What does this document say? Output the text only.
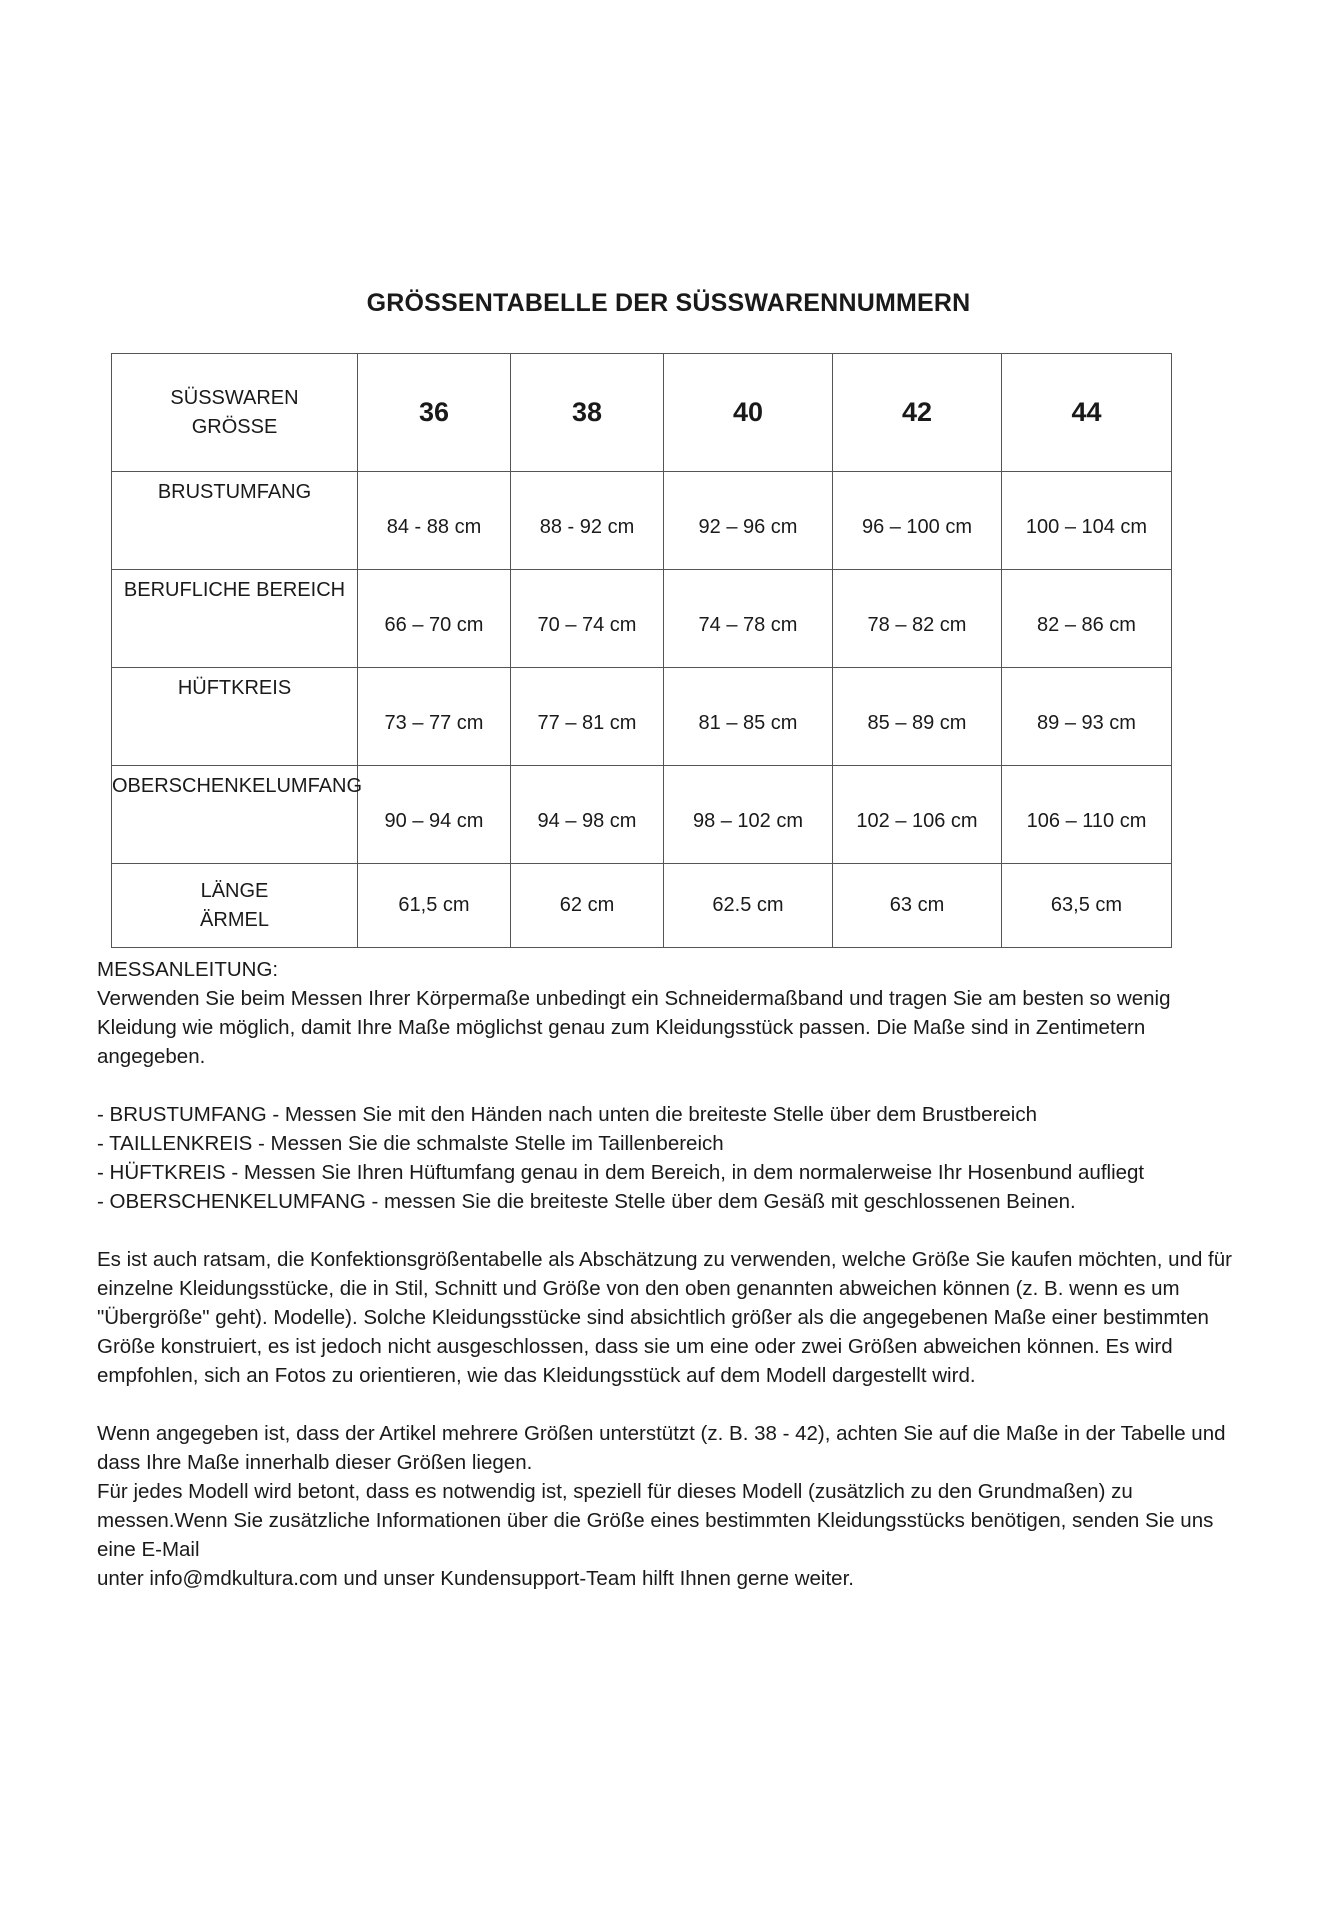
GRÖSSENTABELLE DER SÜSSWARENNUMMERN
SÜSSWAREN
GRÖSSE	36	38	40	42	44

BRUSTUMFANG	84 - 88 cm	88 - 92 cm	92 – 96 cm	96 – 100 cm	100 – 104 cm

BERUFLICHE BEREICH	66 – 70 cm	70 – 74 cm	74 – 78 cm	78 – 82 cm	82 – 86 cm

HÜFTKREIS	73 – 77 cm	77 – 81 cm	81 – 85 cm	85 – 89 cm	89 – 93 cm

OBERSCHENKELUMFANG	90 – 94 cm	94 – 98 cm	98 – 102 cm	102 – 106 cm	106 – 110 cm

LÄNGE
ÄRMEL	61,5 cm	62 cm	62.5 cm	63 cm	63,5 cm

MESSANLEITUNG:

Verwenden Sie beim Messen Ihrer Körpermaße unbedingt ein Schneidermaßband und tragen Sie am besten so wenig Kleidung wie möglich, damit Ihre Maße möglichst genau zum Kleidungsstück passen. Die Maße sind in Zentimetern angegeben.

- BRUSTUMFANG - Messen Sie mit den Händen nach unten die breiteste Stelle über dem Brustbereich

- TAILLENKREIS - Messen Sie die schmalste Stelle im Taillenbereich

- HÜFTKREIS - Messen Sie Ihren Hüftumfang genau in dem Bereich, in dem normalerweise Ihr Hosenbund aufliegt

- OBERSCHENKELUMFANG - messen Sie die breiteste Stelle über dem Gesäß mit geschlossenen Beinen.

Es ist auch ratsam, die Konfektionsgrößentabelle als Abschätzung zu verwenden, welche Größe Sie kaufen möchten, und für einzelne Kleidungsstücke, die in Stil, Schnitt und Größe von den oben genannten abweichen können (z. B. wenn es um "Übergröße" geht). Modelle). Solche Kleidungsstücke sind absichtlich größer als die angegebenen Maße einer bestimmten Größe konstruiert, es ist jedoch nicht ausgeschlossen, dass sie um eine oder zwei Größen abweichen können. Es wird empfohlen, sich an Fotos zu orientieren, wie das Kleidungsstück auf dem Modell dargestellt wird.

Wenn angegeben ist, dass der Artikel mehrere Größen unterstützt (z. B. 38 - 42), achten Sie auf die Maße in der Tabelle und dass Ihre Maße innerhalb dieser Größen liegen.

Für jedes Modell wird betont, dass es notwendig ist, speziell für dieses Modell (zusätzlich zu den Grundmaßen) zu messen.Wenn Sie zusätzliche Informationen über die Größe eines bestimmten Kleidungsstücks benötigen, senden Sie uns eine E-Mail

unter info@mdkultura.com und unser Kundensupport-Team hilft Ihnen gerne weiter.
